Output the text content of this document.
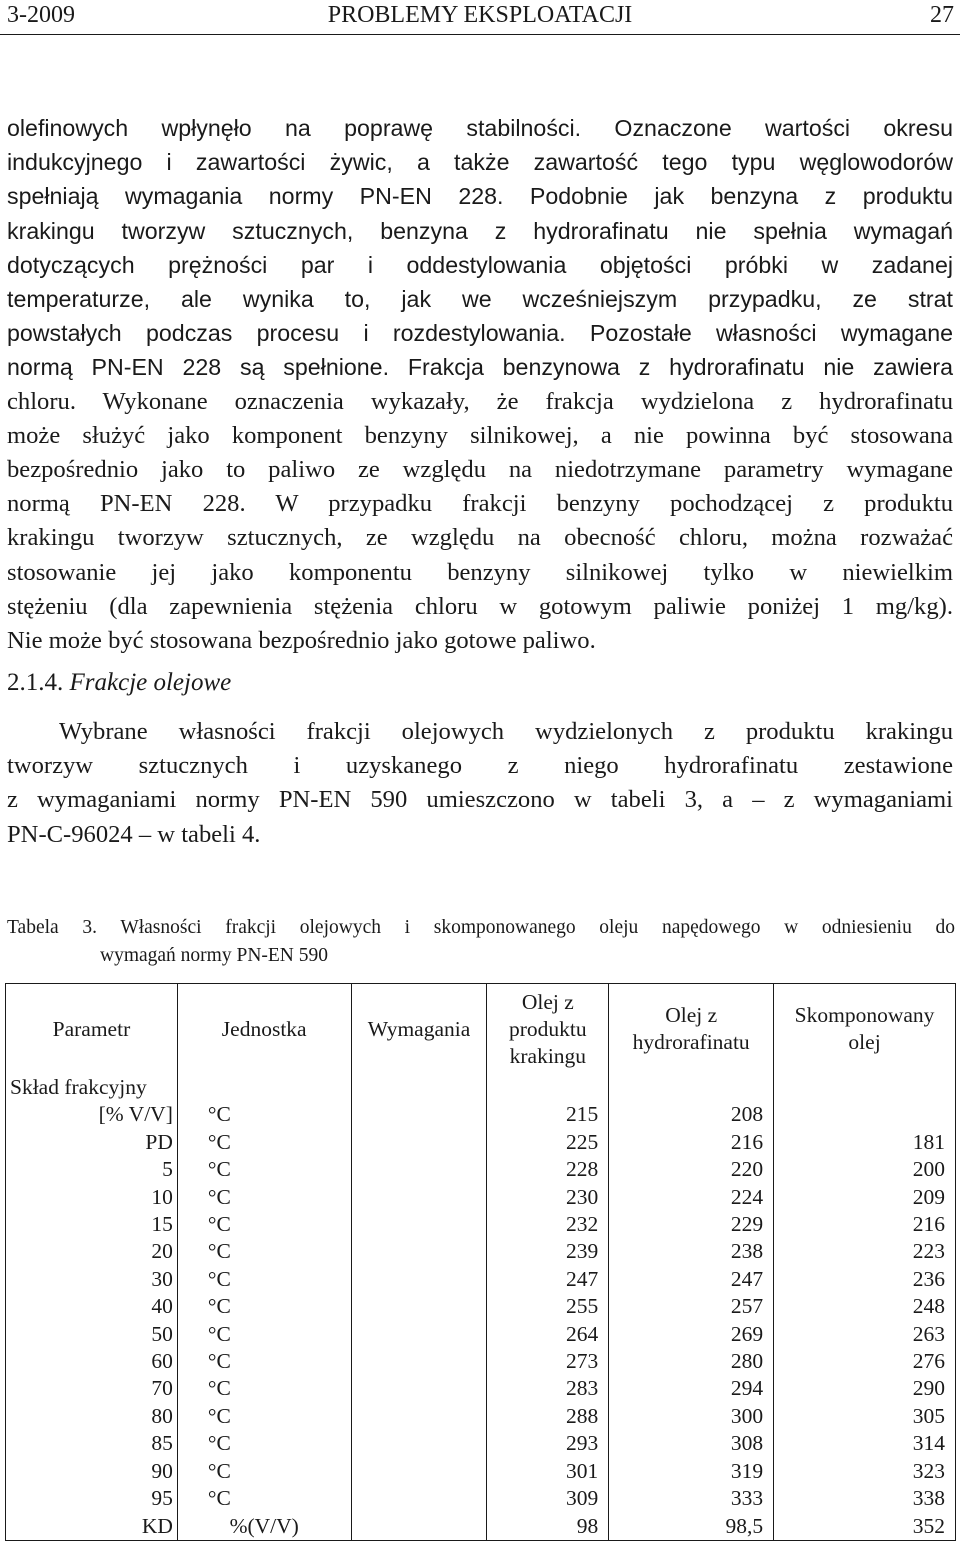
PROBLEMY EKSPLOATACJI
3-2009	27
olefinowych wpłynęło na poprawę stabilności. Oznaczone wartości okresu
indukcyjnego i zawartości żywic, a także zawartość tego typu węglowodorów
spełniają wymagania normy PN-EN 228. Podobnie jak benzyna z produktu
krakingu tworzyw sztucznych, benzyna z hydrorafinatu nie spełnia wymagań
dotyczących prężności par i oddestylowania objętości próbki w zadanej
temperaturze, ale wynika to, jak we wcześniejszym przypadku, ze strat
powstałych podczas procesu i rozdestylowania. Pozostałe własności wymagane
normą PN-EN 228 są spełnione. Frakcja benzynowa z hydrorafinatu nie zawiera
chloru. Wykonane oznaczenia wykazały, że frakcja wydzielona z hydrorafinatu
może służyć jako komponent benzyny silnikowej, a nie powinna być stosowana
bezpośrednio jako to paliwo ze względu na niedotrzymane parametry wymagane
normą PN-EN 228. W przypadku frakcji benzyny pochodzącej z produktu
krakingu tworzyw sztucznych, ze względu na obecność chloru, można rozważać
stosowanie jej jako komponentu benzyny silnikowej tylko w niewielkim
stężeniu (dla zapewnienia stężenia chloru w gotowym paliwie poniżej 1 mg/kg).
Nie może być stosowana bezpośrednio jako gotowe paliwo.
2.1.4. Frakcje olejowe
Wybrane własności frakcji olejowych wydzielonych z produktu krakingu
tworzyw sztucznych i uzyskanego z niego hydrorafinatu zestawione
z wymaganiami normy PN-EN 590 umieszczono w tabeli 3, a – z wymaganiami
PN-C-96024 – w tabeli 4.
Tabela 3. Własności frakcji olejowych i skomponowanego oleju napędowego w odniesieniu do
wymagań normy PN-EN 590
Parametr	Jednostka	Wymagania	Olej z
produktu
krakingu	Olej z
hydrorafinatu	Skomponowany
olej
Skład frakcyjny					
[% V/V]	°C		215	208	
PD	°C		225	216	181
5	°C		228	220	200
10	°C		230	224	209
15	°C		232	229	216
20	°C		239	238	223
30	°C		247	247	236
40	°C		255	257	248
50	°C		264	269	263
60	°C		273	280	276
70	°C		283	294	290
80	°C		288	300	305
85	°C		293	308	314
90	°C		301	319	323
95	°C		309	333	338
KD	%(V/V)		98	98,5	352
